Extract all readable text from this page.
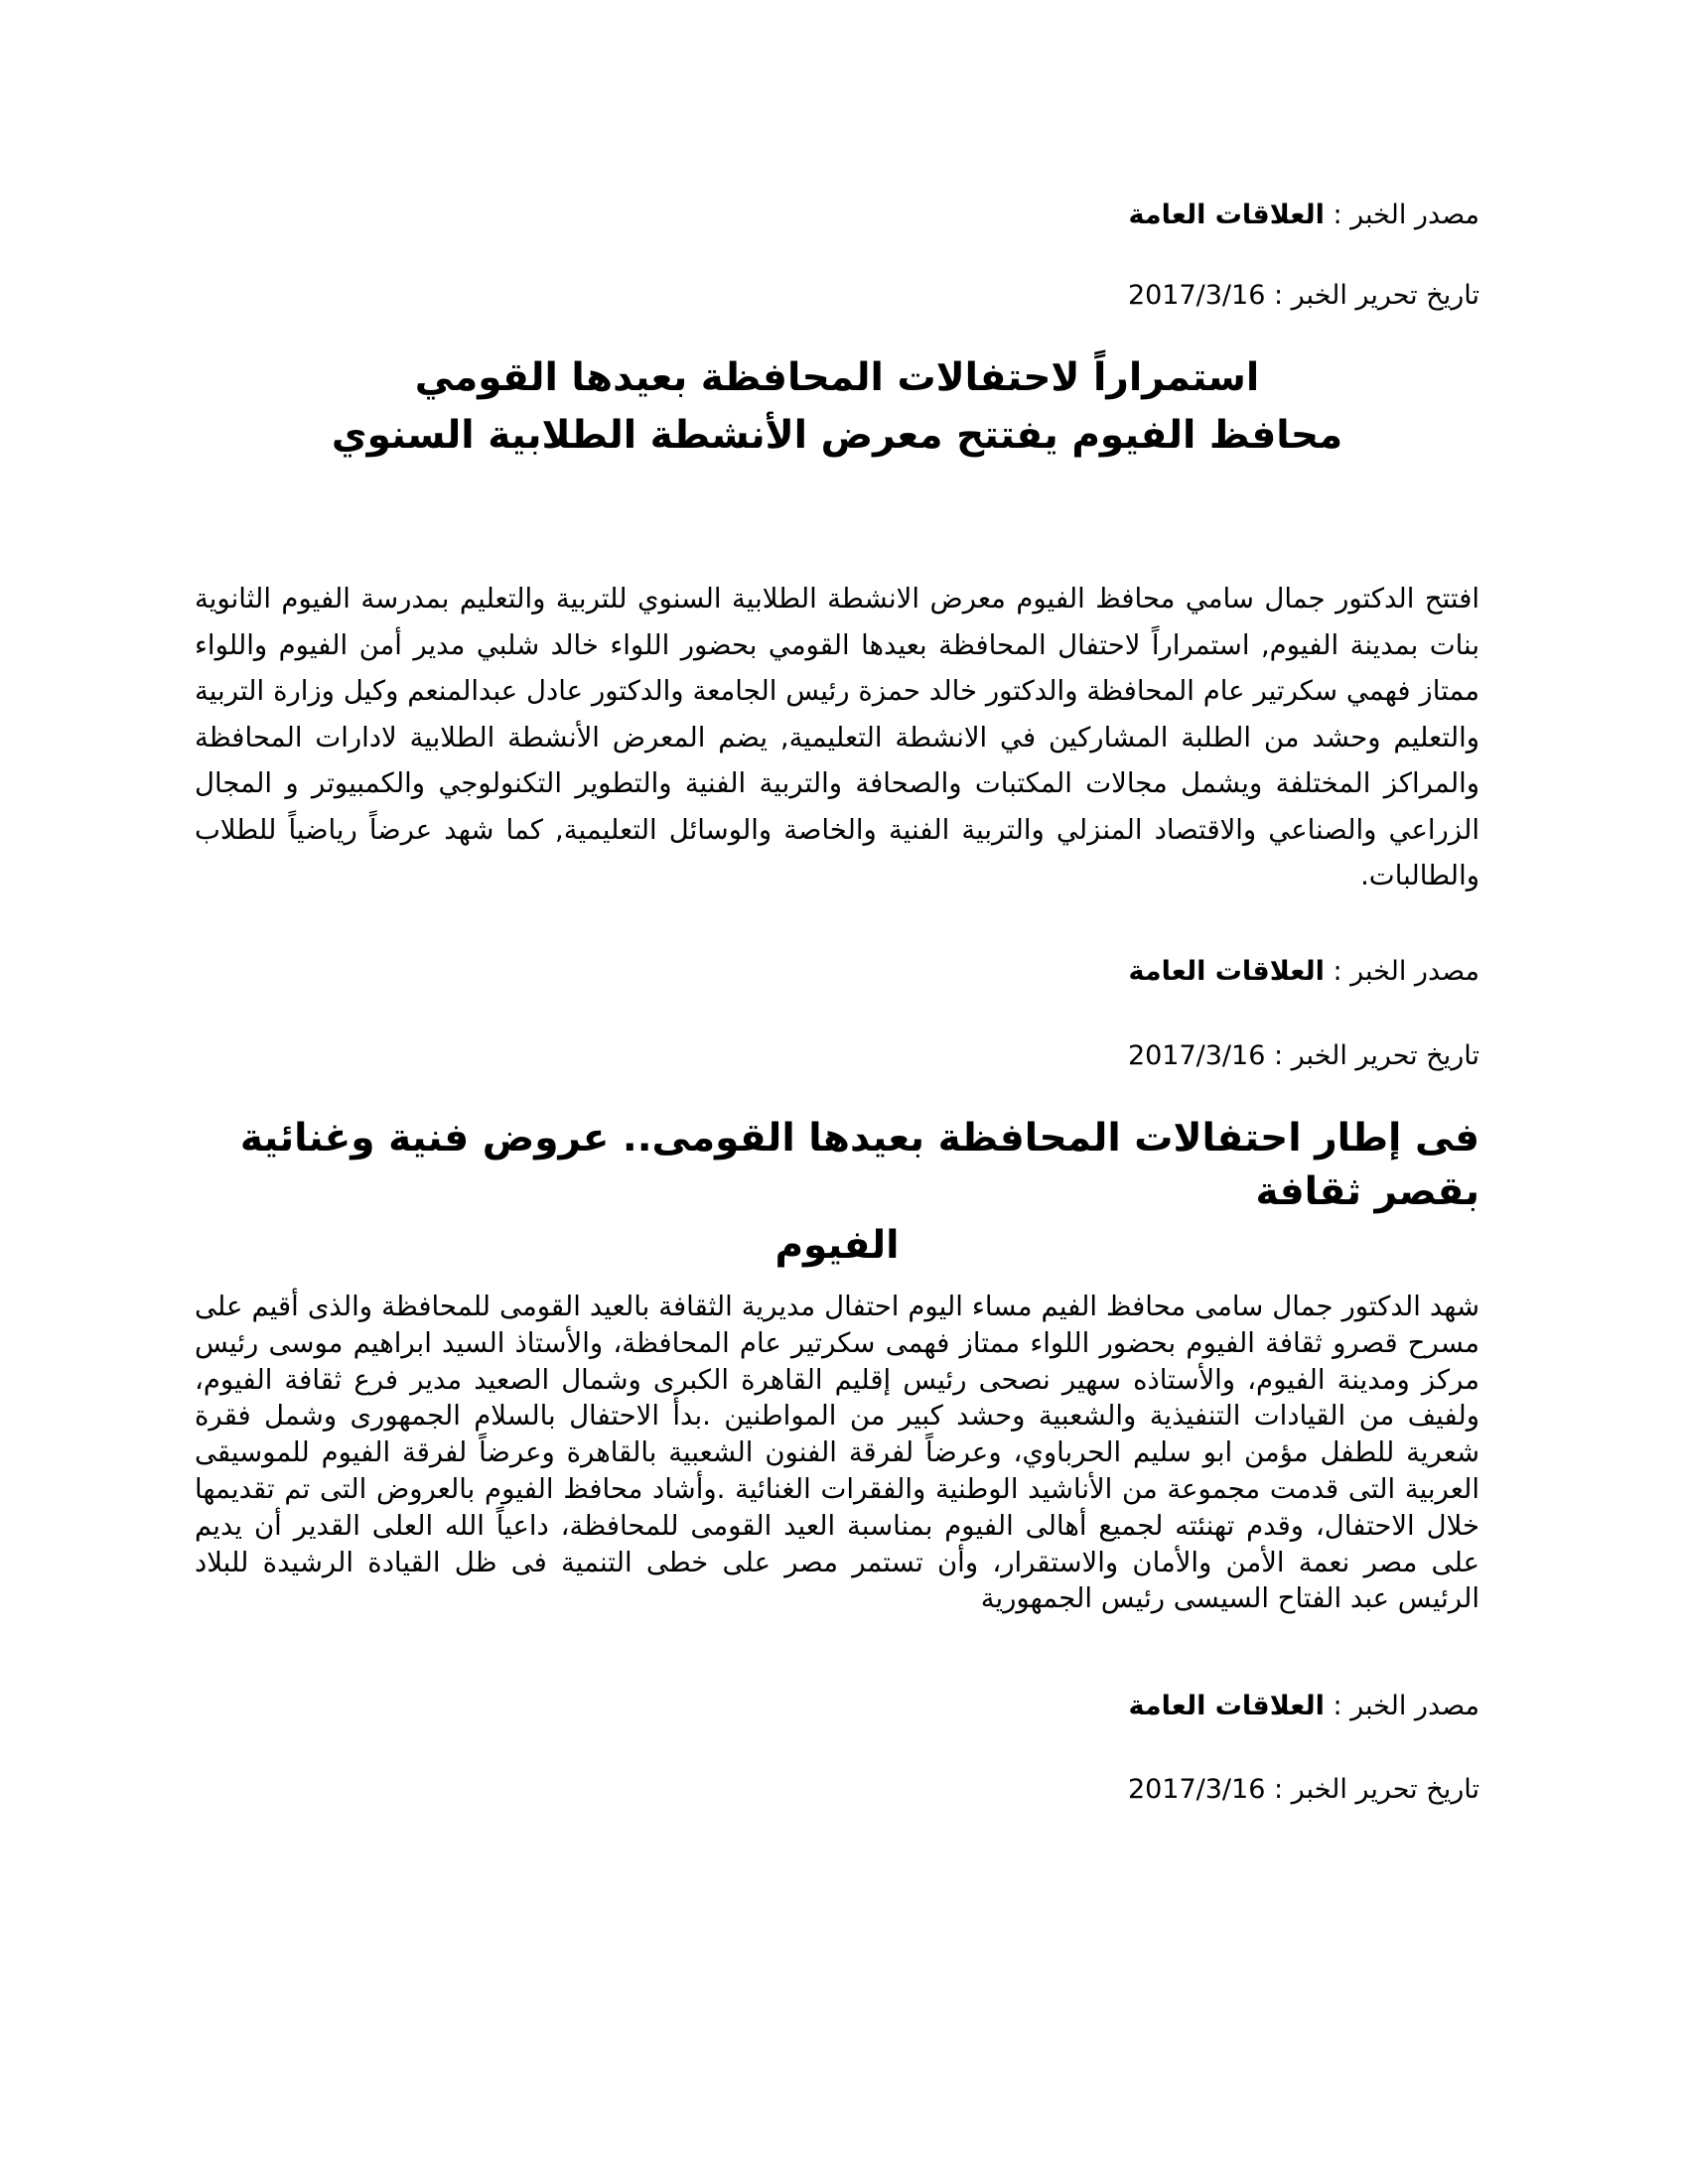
مصدر الخبر : العلاقات العامة
تاريخ تحرير الخبر : 2017/3/16
استمراراً لاحتفالات المحافظة بعيدها القومي
محافظ الفيوم يفتتح معرض الأنشطة الطلابية السنوي
افتتح الدكتور جمال سامي محافظ الفيوم معرض الانشطة الطلابية السنوي للتربية والتعليم بمدرسة الفيوم الثانوية بنات بمدينة الفيوم, استمراراً لاحتفال المحافظة بعيدها القومي بحضور اللواء خالد شلبي مدير أمن الفيوم واللواء ممتاز فهمي سكرتير عام المحافظة والدكتور خالد حمزة رئيس الجامعة والدكتور عادل عبدالمنعم وكيل وزارة التربية والتعليم وحشد من الطلبة المشاركين في الانشطة التعليمية, يضم المعرض الأنشطة الطلابية لادارات المحافظة والمراكز المختلفة ويشمل مجالات المكتبات والصحافة والتربية الفنية والتطوير التكنولوجي والكمبيوتر و المجال الزراعي والصناعي والاقتصاد المنزلي والتربية الفنية والخاصة والوسائل التعليمية, كما شهد عرضاً رياضياً للطلاب والطالبات.
مصدر الخبر : العلاقات العامة
تاريخ تحرير الخبر : 2017/3/16
فى إطار احتفالات المحافظة بعيدها القومى.. عروض فنية وغنائية بقصر ثقافة
الفيوم
شهد الدكتور جمال سامى محافظ الفيم مساء اليوم احتفال مديرية الثقافة بالعيد القومى للمحافظة والذى أقيم على مسرح قصرو ثقافة الفيوم بحضور اللواء ممتاز فهمى سكرتير عام المحافظة، والأستاذ السيد ابراهيم موسى رئيس مركز ومدينة الفيوم، والأستاذه سهير نصحى رئيس إقليم القاهرة الكبرى وشمال الصعيد مدير فرع ثقافة الفيوم، ولفيف من القيادات التنفيذية والشعبية وحشد كبير من المواطنين .بدأ الاحتفال بالسلام الجمهورى وشمل فقرة شعرية للطفل مؤمن ابو سليم الحرباوي، وعرضاً لفرقة الفنون الشعبية بالقاهرة وعرضاً لفرقة الفيوم للموسيقى العربية التى قدمت مجموعة من الأناشيد الوطنية والفقرات الغنائية .وأشاد محافظ الفيوم بالعروض التى تم تقديمها خلال الاحتفال، وقدم تهنئته لجميع أهالى الفيوم بمناسبة العيد القومى للمحافظة، داعياً الله العلى القدير أن يديم على مصر نعمة الأمن والأمان والاستقرار، وأن تستمر مصر على خطى التنمية فى ظل القيادة الرشيدة للبلاد الرئيس عبد الفتاح السيسى رئيس الجمهورية
مصدر الخبر : العلاقات العامة
تاريخ تحرير الخبر : 2017/3/16
